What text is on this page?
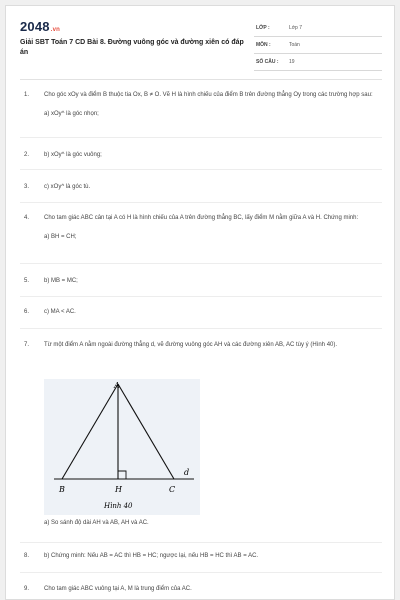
2048.vn
Giải SBT Toán 7 CD Bài 8. Đường vuông góc và đường xiên có đáp án
LỚP :	Lớp 7
MÔN :	Toán
SỐ CÂU : 19
1. Cho góc xOy và điểm B thuộc tia Ox, B ≠ O. Vẽ H là hình chiếu của điểm B trên đường thẳng Oy trong các trường hợp sau:
a) xOy^ là góc nhọn;
2. b) xOy^ là góc vuông;
3. c) xOy^ là góc tù.
4. Cho tam giác ABC cân tại A có H là hình chiếu của A trên đường thẳng BC, lấy điểm M nằm giữa A và H. Chứng minh:
a) BH = CH;
5. b) MB = MC;
6. c) MA < AC.
7. Từ một điểm A nằm ngoài đường thẳng d, vẽ đường vuông góc AH và các đường xiên AB, AC tùy ý (Hình 40).
A
B	H	C
d
Hình 40
a) So sánh độ dài AH và AB, AH và AC.
8. b) Chứng minh: Nếu AB = AC thì HB = HC; ngược lại, nếu HB = HC thì AB = AC.
9. Cho tam giác ABC vuông tại A, M là trung điểm của AC.
